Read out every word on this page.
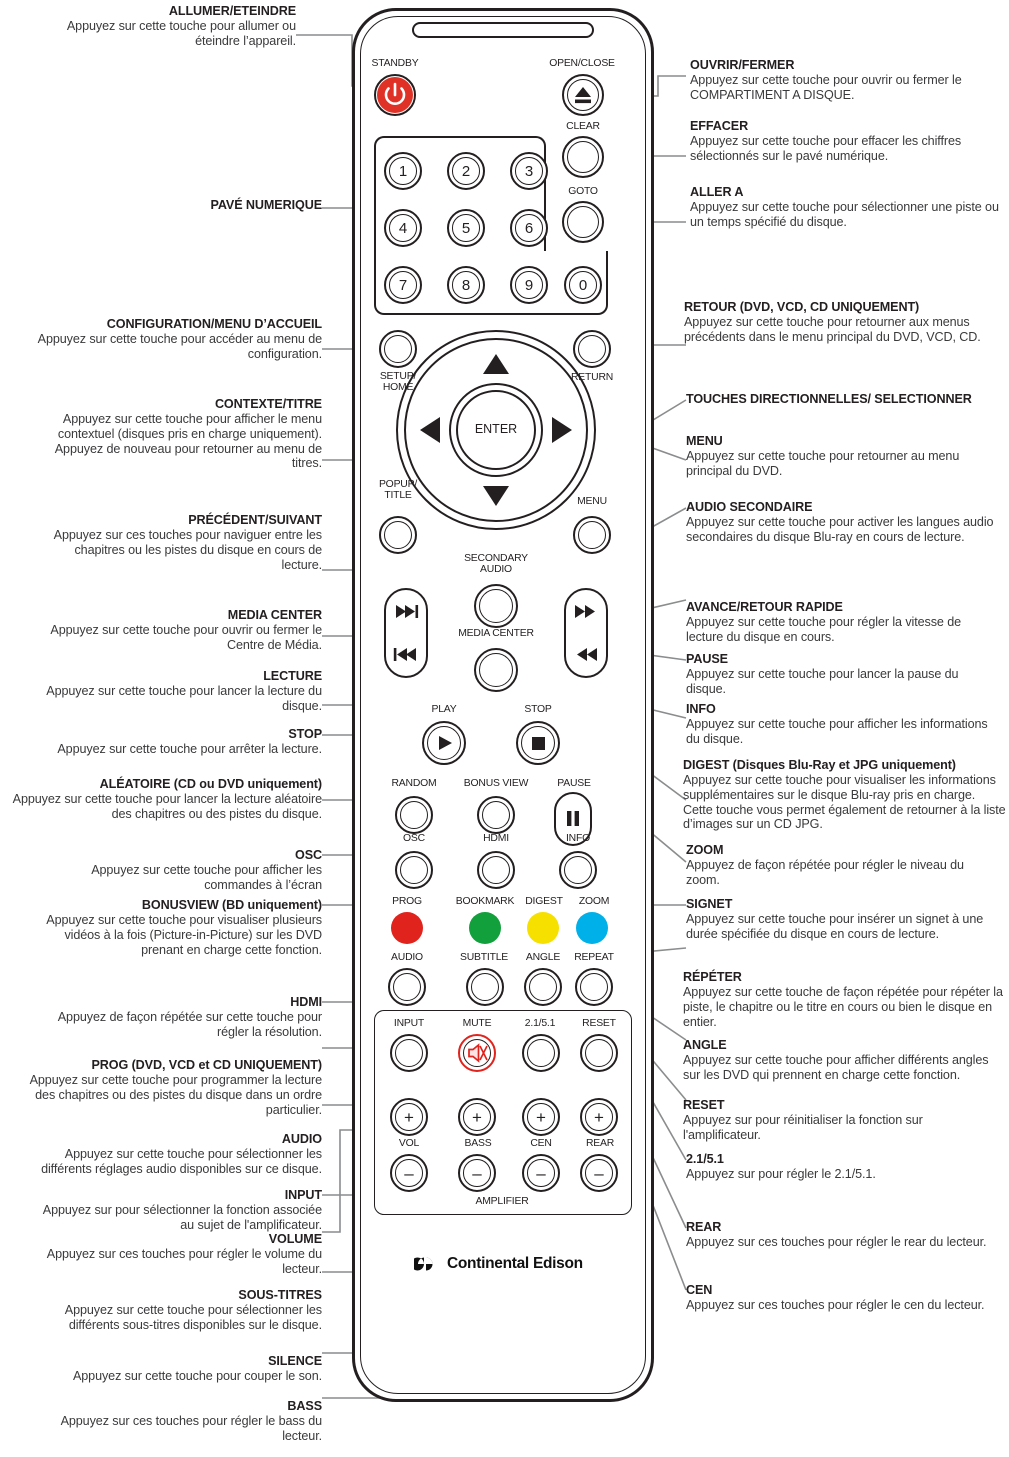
ALLUMER/ETEINDRE
Appuyez sur cette touche pour allumer ou éteindre l’appareil.
PAVÉ NUMERIQUE
CONFIGURATION/MENU D’ACCUEIL
Appuyez sur cette touche pour accéder au menu de configuration.
CONTEXTE/TITRE
Appuyez sur cette touche pour afficher le menu contextuel (disques pris en charge uniquement). Appuyez de nouveau pour retourner au menu de titres.
PRÉCÉDENT/SUIVANT
Appuyez sur ces touches pour naviguer entre les chapitres ou les pistes du disque en cours de lecture.
MEDIA CENTER
Appuyez sur cette touche pour ouvrir ou fermer le Centre de Média.
LECTURE
Appuyez sur cette touche pour lancer la lecture du disque.
STOP
Appuyez sur cette touche pour arrêter la lecture.
ALÉATOIRE (CD ou DVD uniquement)
Appuyez sur cette touche pour lancer la lecture aléatoire des chapitres ou des pistes du disque.
OSC
Appuyez sur cette touche pour afficher les commandes à l’écran
BONUSVIEW (BD uniquement)
Appuyez sur cette touche pour visualiser plusieurs vidéos à la fois (Picture-in-Picture) sur les DVD prenant en charge cette fonction.
HDMI
Appuyez de façon répétée sur cette touche pour régler la résolution.
PROG (DVD, VCD et CD UNIQUEMENT)
Appuyez sur cette touche pour programmer la lecture des chapitres ou des pistes du disque dans un ordre particulier.
AUDIO
Appuyez sur cette touche pour sélectionner les différents réglages audio disponibles sur ce disque.
INPUT
Appuyez sur pour sélectionner la fonction associée au sujet de l'amplificateur.
VOLUME
Appuyez sur ces touches pour régler le volume du lecteur.
SOUS-TITRES
Appuyez sur cette touche pour sélectionner les différents sous-titres disponibles sur le disque.
SILENCE
Appuyez sur cette touche pour couper le son.
BASS
Appuyez sur ces touches pour régler le bass du lecteur.
OUVRIR/FERMER
Appuyez sur cette touche pour ouvrir ou fermer le COMPARTIMENT A DISQUE.
EFFACER
Appuyez sur cette touche pour effacer les chiffres sélectionnés sur le pavé numérique.
ALLER A
Appuyez sur cette touche pour sélectionner une piste ou un temps spécifié du disque.
RETOUR (DVD, VCD, CD UNIQUEMENT)
Appuyez sur cette touche pour retourner aux menus précédents dans le menu principal du DVD, VCD, CD.
TOUCHES DIRECTIONNELLES/ SELECTIONNER
MENU
Appuyez sur cette touche pour retourner au menu principal du DVD.
AUDIO SECONDAIRE
Appuyez sur cette touche pour activer les langues audio secondaires du disque Blu-ray en cours de lecture.
AVANCE/RETOUR RAPIDE
Appuyez sur cette touche pour régler la vitesse de lecture du disque en cours.
PAUSE
Appuyez sur cette touche pour lancer la pause du disque.
INFO
Appuyez sur cette touche pour afficher les informations du disque.
DIGEST (Disques Blu-Ray et JPG uniquement)
Appuyez sur cette touche pour visualiser les informations supplémentaires sur le disque Blu-ray pris en charge. Cette touche vous permet également de retourner à la liste d’images sur un CD JPG.
ZOOM
Appuyez de façon répétée pour régler le niveau du zoom.
SIGNET
Appuyez sur cette touche pour insérer un signet à une durée spécifiée du disque en cours de lecture.
RÉPÉTER
Appuyez sur cette touche de façon répétée pour répéter la piste, le chapitre ou le titre en cours ou bien le disque en entier.
ANGLE
Appuyez sur cette touche pour afficher différents angles sur les DVD qui prennent en charge cette fonction.
RESET
Appuyez sur pour réinitialiser la fonction sur l'amplificateur.
2.1/5.1
Appuyez sur pour régler le 2.1/5.1.
REAR
Appuyez sur ces touches pour régler le rear du lecteur.
CEN
Appuyez sur ces touches pour régler le cen du lecteur.
STANDBY	OPEN/CLOSE
CLEAR
GOTO
1	2	3
4	5	6
7	8	9	0
SETUP/
HOME
RETURN
POPUP/
TITLE
MENU
ENTER
SECONDARY
AUDIO
MEDIA CENTER
PLAY	STOP
RANDOM	BONUS VIEW	PAUSE
OSC	HDMI	INFO
PROG	BOOKMARK	DIGEST	ZOOM
AUDIO	SUBTITLE	ANGLE	REPEAT
INPUT	MUTE	2.1/5.1	RESET
+	+	+	+
VOL	BASS	CEN	REAR
–	–	–	–
AMPLIFIER
Continental Edison
